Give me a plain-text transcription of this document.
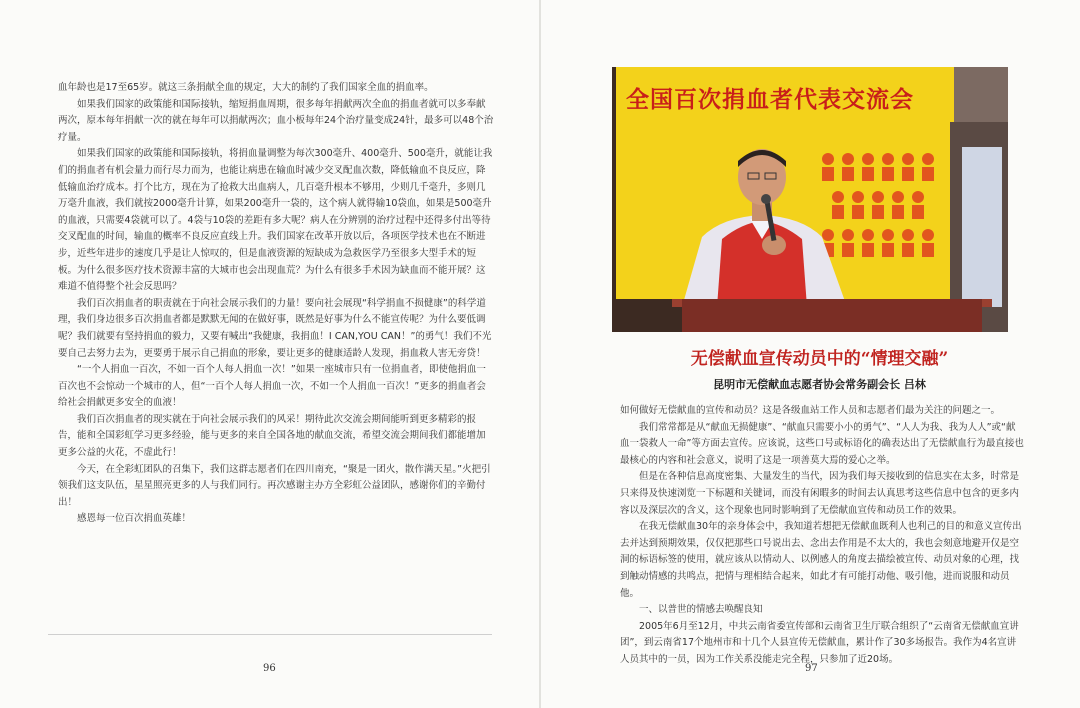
血年龄也是17至65岁。就这三条捐献全血的规定，大大的制约了我们国家全血的捐血率。

如果我们国家的政策能和国际接轨，缩短捐血周期，很多每年捐献两次全血的捐血者就可以多奉献两次，原本每年捐献一次的就在每年可以捐献两次；血小板每年24个治疗量变成24针，最多可以48个治疗量。

如果我们国家的政策能和国际接轨，将捐血量调整为每次300毫升、400毫升、500毫升，就能让我们的捐血者有机会量力而行尽力而为，也能让病患在输血时减少交叉配血次数，降低输血不良反应，降低输血治疗成本。打个比方，现在为了抢救大出血病人，几百毫升根本不够用，少则几千毫升，多则几万毫升血液，我们就按2000毫升计算，如果200毫升一袋的，这个病人就得输10袋血，如果是500毫升的血液，只需要4袋就可以了。4袋与10袋的差距有多大呢？病人在分辨别的治疗过程中还得多付出等待交叉配血的时间，输血的概率不良反应直线上升。我们国家在改革开放以后，各项医学技术也在不断进步，近些年进步的速度几乎是让人惊叹的，但是血液资源的短缺成为急救医学乃至很多大型手术的短板。为什么很多医疗技术资源丰富的大城市也会出现血荒？为什么有很多手术因为缺血而不能开展？这难道不值得整个社会反思吗？

我们百次捐血者的职责就在于向社会展示我们的力量！要向社会展现“科学捐血不损健康”的科学道理，我们身边很多百次捐血者都是默默无闻的在做好事，既然是好事为什么不能宣传呢？为什么要低调呢？我们就要有坚持捐血的毅力，又要有喊出“我健康，我捐血！I CAN,YOU CAN！”的勇气！我们不光要自己去努力去为，更要勇于展示自己捐血的形象，要让更多的健康适龄人发现，捐血救人害无旁贷！

“一个人捐血一百次，不如一百个人每人捐血一次！”如果一座城市只有一位捐血者，即使他捐血一百次也不会惊动一个城市的人，但“一百个人每人捐血一次，不如一个人捐血一百次！”更多的捐血者会给社会捐献更多安全的血液！

我们百次捐血者的现实就在于向社会展示我们的风采！期待此次交流会期间能听到更多精彩的报告，能和全国彩虹学习更多经验，能与更多的来自全国各地的献血交流，希望交流会期间我们都能增加更多公益的火花，不虚此行！

今天，在全彩虹团队的召集下，我们这群志愿者们在四川南充，“聚是一团火，散作满天星。”火把引领我们这支队伍，星星照亮更多的人与我们同行。再次感谢主办方全彩虹公益团队，感谢你们的辛勤付出！

感恩每一位百次捐血英雄！

96
全国百次捐血者代表交流会
无偿献血宣传动员中的“情理交融”
昆明市无偿献血志愿者协会常务副会长 吕林

如何做好无偿献血的宣传和动员？这是各级血站工作人员和志愿者们最为关注的问题之一。

我们常常都是从“献血无损健康”、“献血只需要小小的勇气”、“人人为我、我为人人”或“献血一袋救人一命”等方面去宣传。应该说，这些口号或标语化的确表达出了无偿献血行为最直接也最核心的内容和社会意义，说明了这是一项善莫大焉的爱心之举。

但是在各种信息高度密集、大量发生的当代，因为我们每天接收到的信息实在太多，时常是只来得及快速浏览一下标题和关键词，而没有闲暇多的时间去认真思考这些信息中包含的更多内容以及深层次的含义，这个现象也同时影响到了无偿献血宣传和动员工作的效果。

在我无偿献血30年的亲身体会中，我知道若想把无偿献血既利人也利己的目的和意义宣传出去并达到预期效果，仅仅把那些口号说出去、念出去作用是不太大的，我也会刻意地避开仅是空洞的标语标签的使用，就应该从以情动人、以例感人的角度去描绘被宣传、动员对象的心理，找到触动情感的共鸣点，把情与理相结合起来，如此才有可能打动他、吸引他，进而说服和动员他。

一、以普世的情感去唤醒良知

2005年6月至12月，中共云南省委宣传部和云南省卫生厅联合组织了“云南省无偿献血宣讲团”，到云南省17个地州市和十几个人县宣传无偿献血，累计作了30多场报告。我作为4名宣讲人员其中的一员，因为工作关系没能走完全程，只参加了近20场。

97
